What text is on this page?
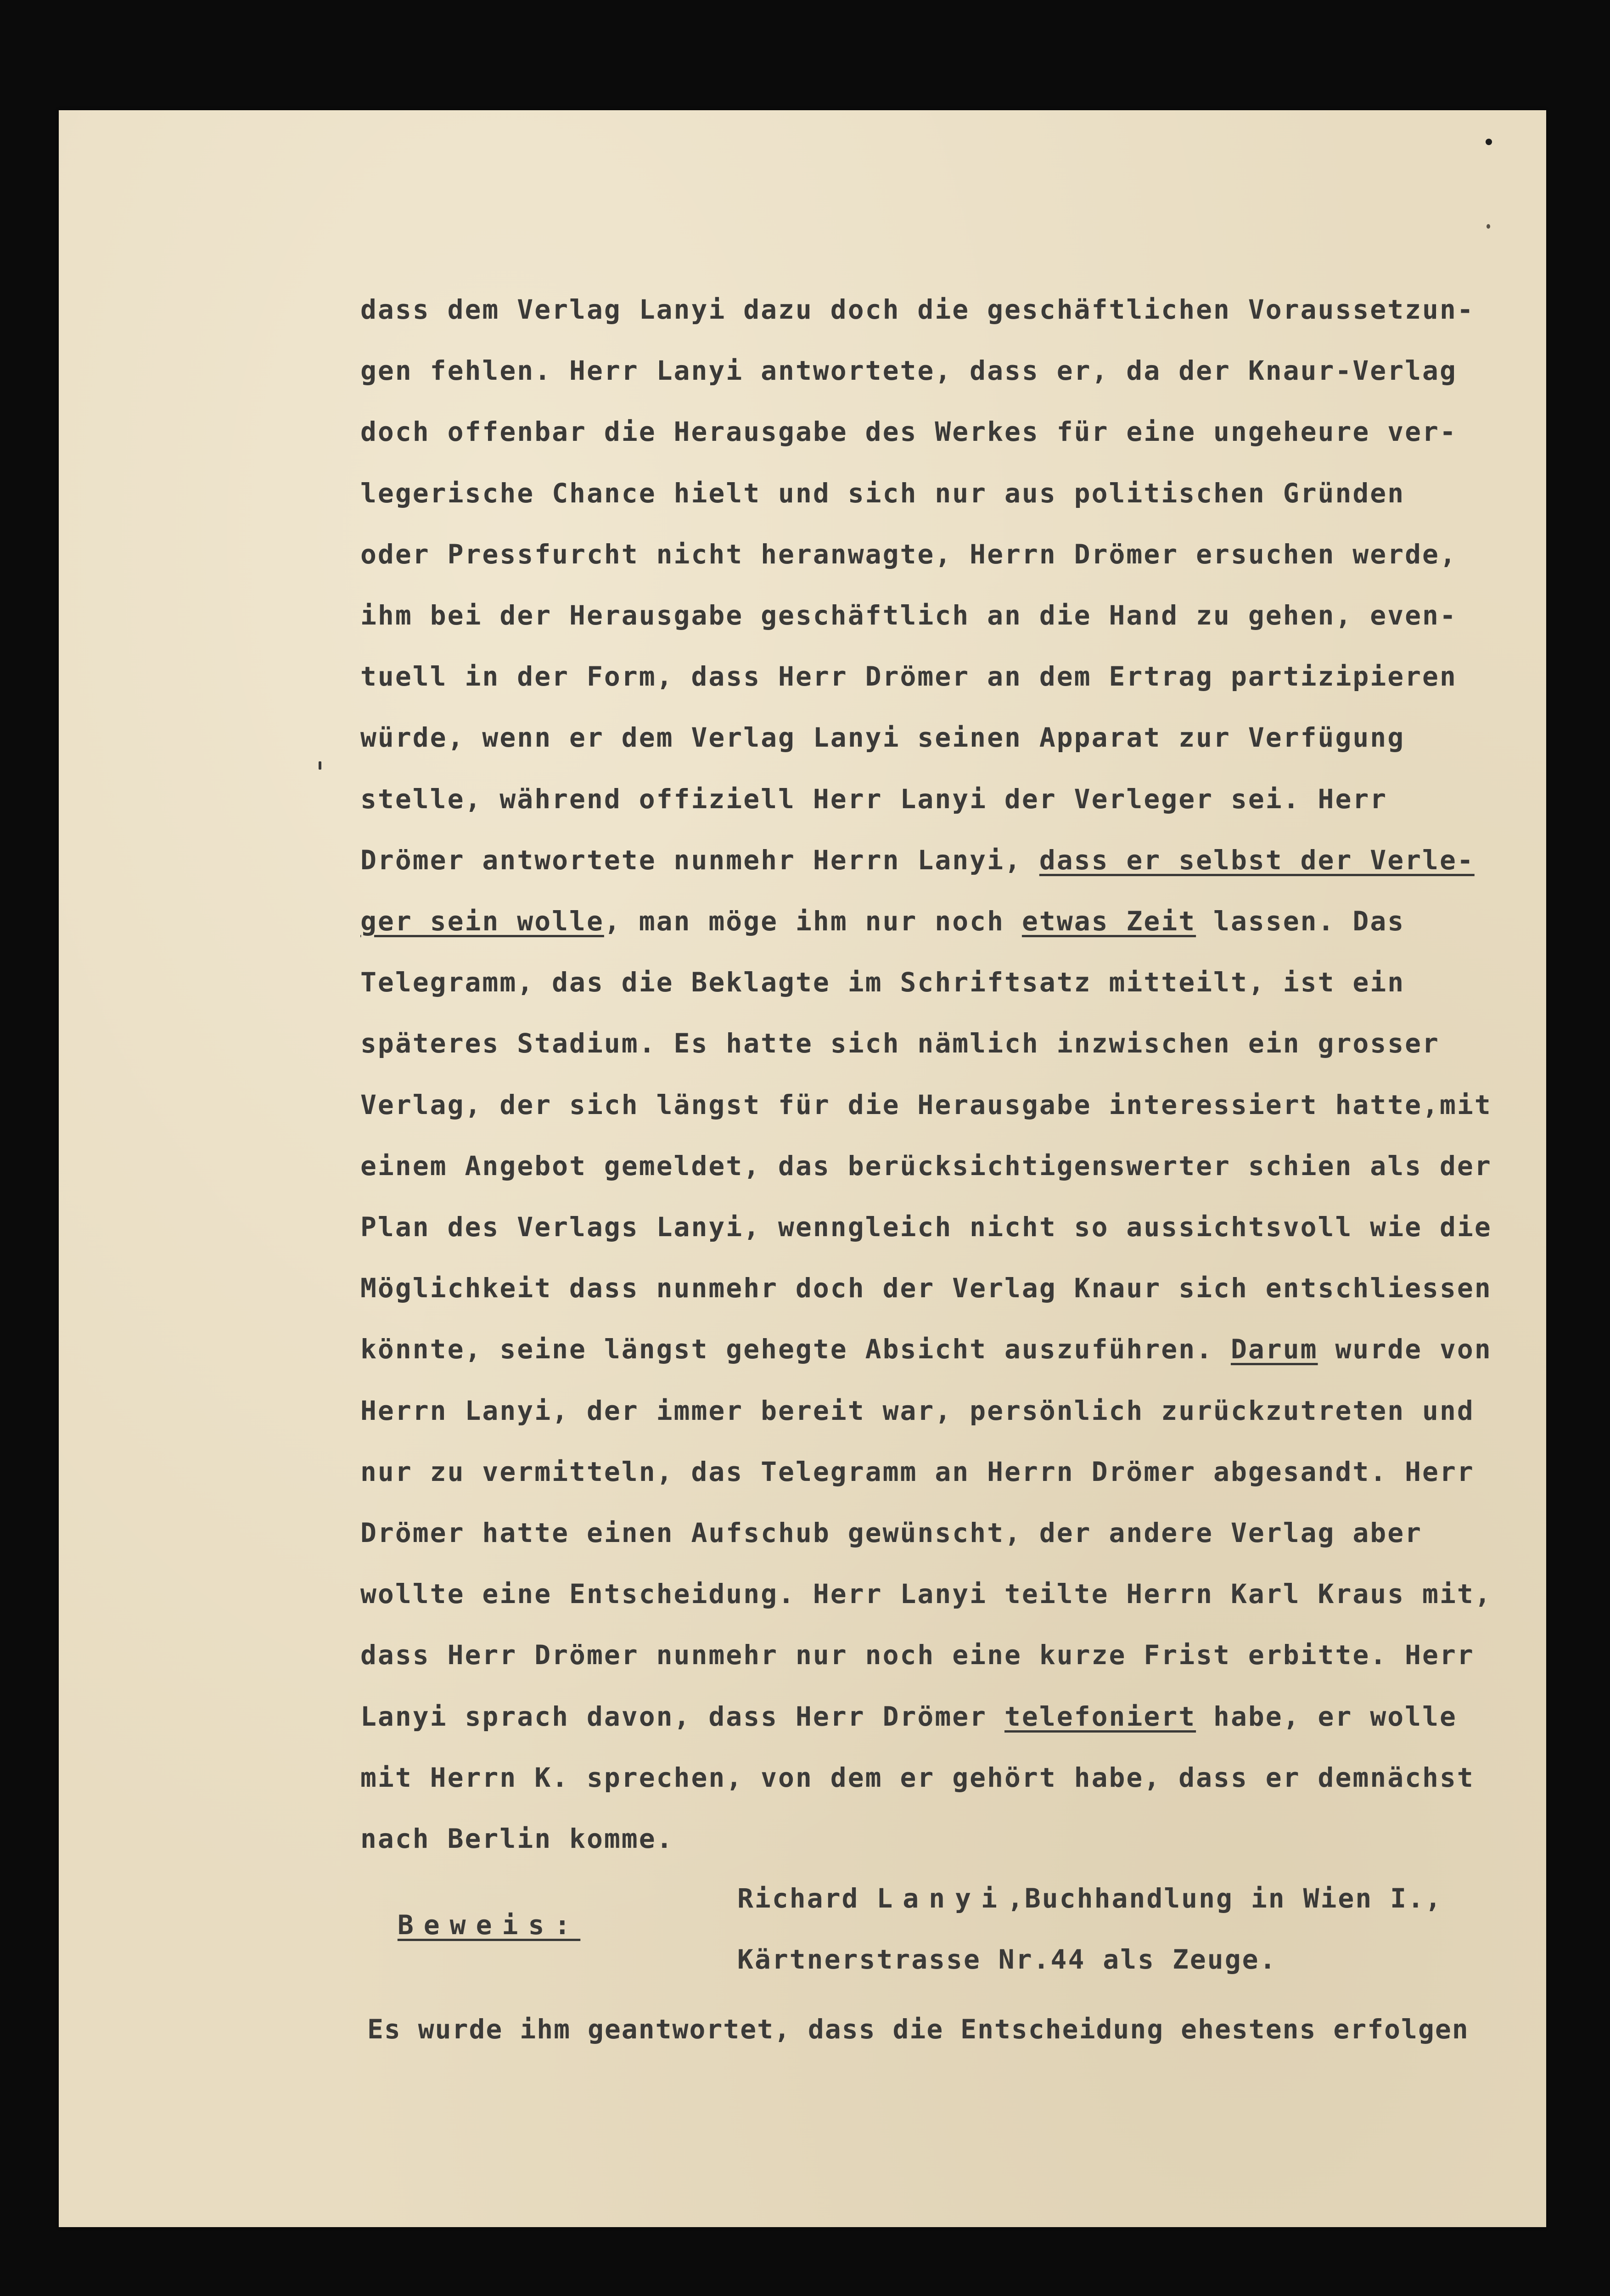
dass dem Verlag Lanyi dazu doch die geschäftlichen Voraussetzun-
gen fehlen. Herr Lanyi antwortete, dass er, da der Knaur-Verlag
doch offenbar die Herausgabe des Werkes für eine ungeheure ver-
legerische Chance hielt und sich nur aus politischen Gründen
oder Pressfurcht nicht heranwagte, Herrn Drömer ersuchen werde,
ihm bei der Herausgabe geschäftlich an die Hand zu gehen, even-
tuell in der Form, dass Herr Drömer an dem Ertrag partizipieren
würde, wenn er dem Verlag Lanyi seinen Apparat zur Verfügung
stelle, während offiziell Herr Lanyi der Verleger sei. Herr
Drömer antwortete nunmehr Herrn Lanyi, dass er selbst der Verle-
ger sein wolle, man möge ihm nur noch etwas Zeit lassen. Das
Telegramm, das die Beklagte im Schriftsatz mitteilt, ist ein
späteres Stadium. Es hatte sich nämlich inzwischen ein grosser
Verlag, der sich längst für die Herausgabe interessiert hatte,mit
einem Angebot gemeldet, das berücksichtigenswerter schien als der
Plan des Verlags Lanyi, wenngleich nicht so aussichtsvoll wie die
Möglichkeit dass nunmehr doch der Verlag Knaur sich entschliessen
könnte, seine längst gehegte Absicht auszuführen. Darum wurde von
Herrn Lanyi, der immer bereit war, persönlich zurückzutreten und
nur zu vermitteln, das Telegramm an Herrn Drömer abgesandt. Herr
Drömer hatte einen Aufschub gewünscht, der andere Verlag aber
wollte eine Entscheidung. Herr Lanyi teilte Herrn Karl Kraus mit,
dass Herr Drömer nunmehr nur noch eine kurze Frist erbitte. Herr
Lanyi sprach davon, dass Herr Drömer telefoniert habe, er wolle
mit Herrn K. sprechen, von dem er gehört habe, dass er demnächst
nach Berlin komme.

Beweis:

Richard Lanyi,Buchhandlung in Wien I.,
Kärtnerstrasse Nr.44 als Zeuge.
Es wurde ihm geantwortet, dass die Entscheidung ehestens erfolgen
